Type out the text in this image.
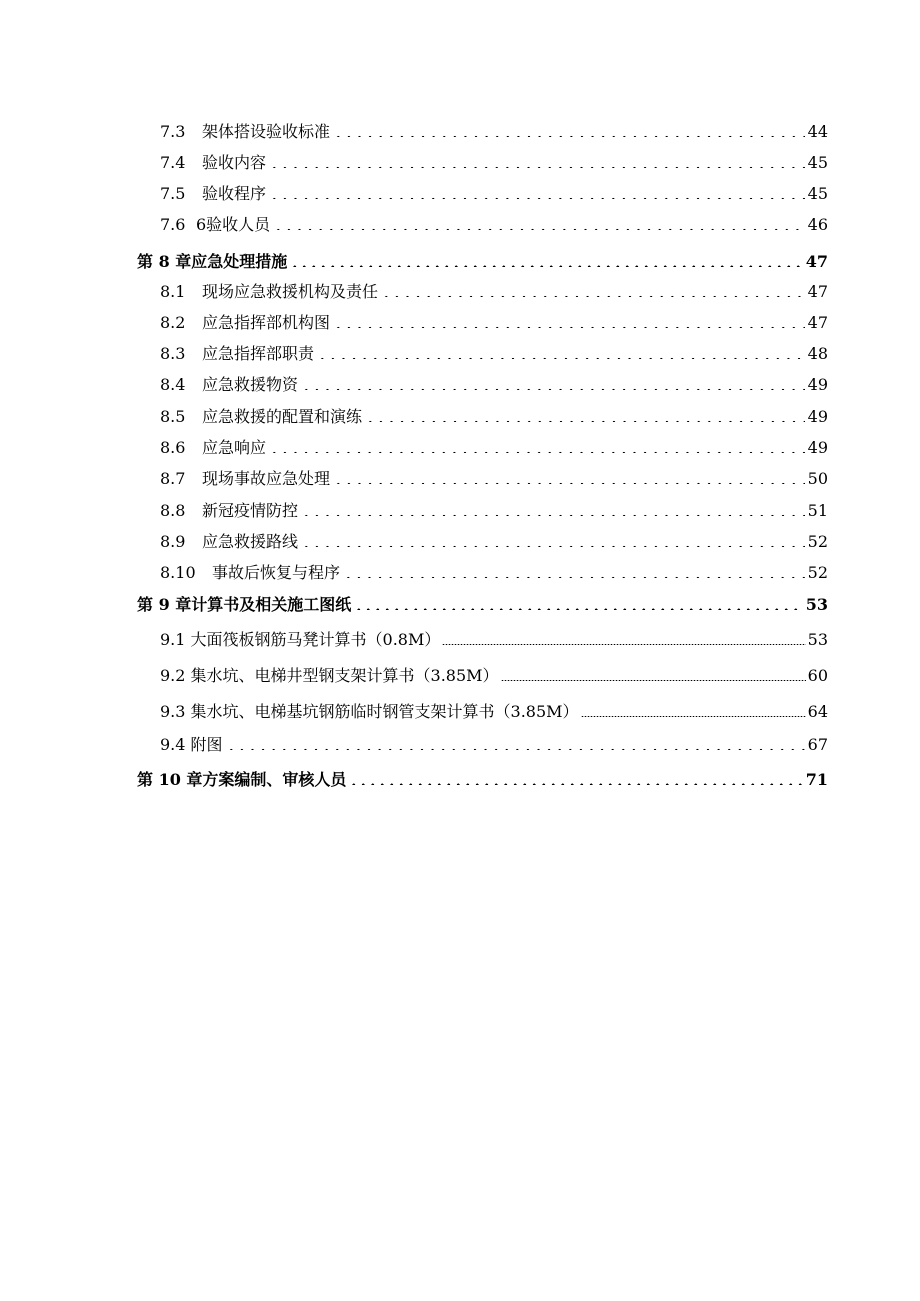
7.3	架体搭设验收标准	44
7.4	验收内容	45
7.5	验收程序	45
7.6 6验收人员	46
第 8 章应急处理措施	47
8.1	现场应急救援机构及责任	47
8.2	应急指挥部机构图	47
8.3	应急指挥部职责	48
8.4	应急救援物资	49
8.5	应急救援的配置和演练	49
8.6	应急响应	49
8.7	现场事故应急处理	50
8.8	新冠疫情防控	51
8.9	应急救援路线	52
8.10	事故后恢复与程序	52
第 9 章计算书及相关施工图纸	53
9.1 大面筏板钢筋马凳计算书（0.8M）	53
9.2 集水坑、电梯井型钢支架计算书（3.85M）	60
9.3 集水坑、电梯基坑钢筋临时钢管支架计算书（3.85M）	64
9.4 附图	67
第 10 章方案编制、审核人员	71
